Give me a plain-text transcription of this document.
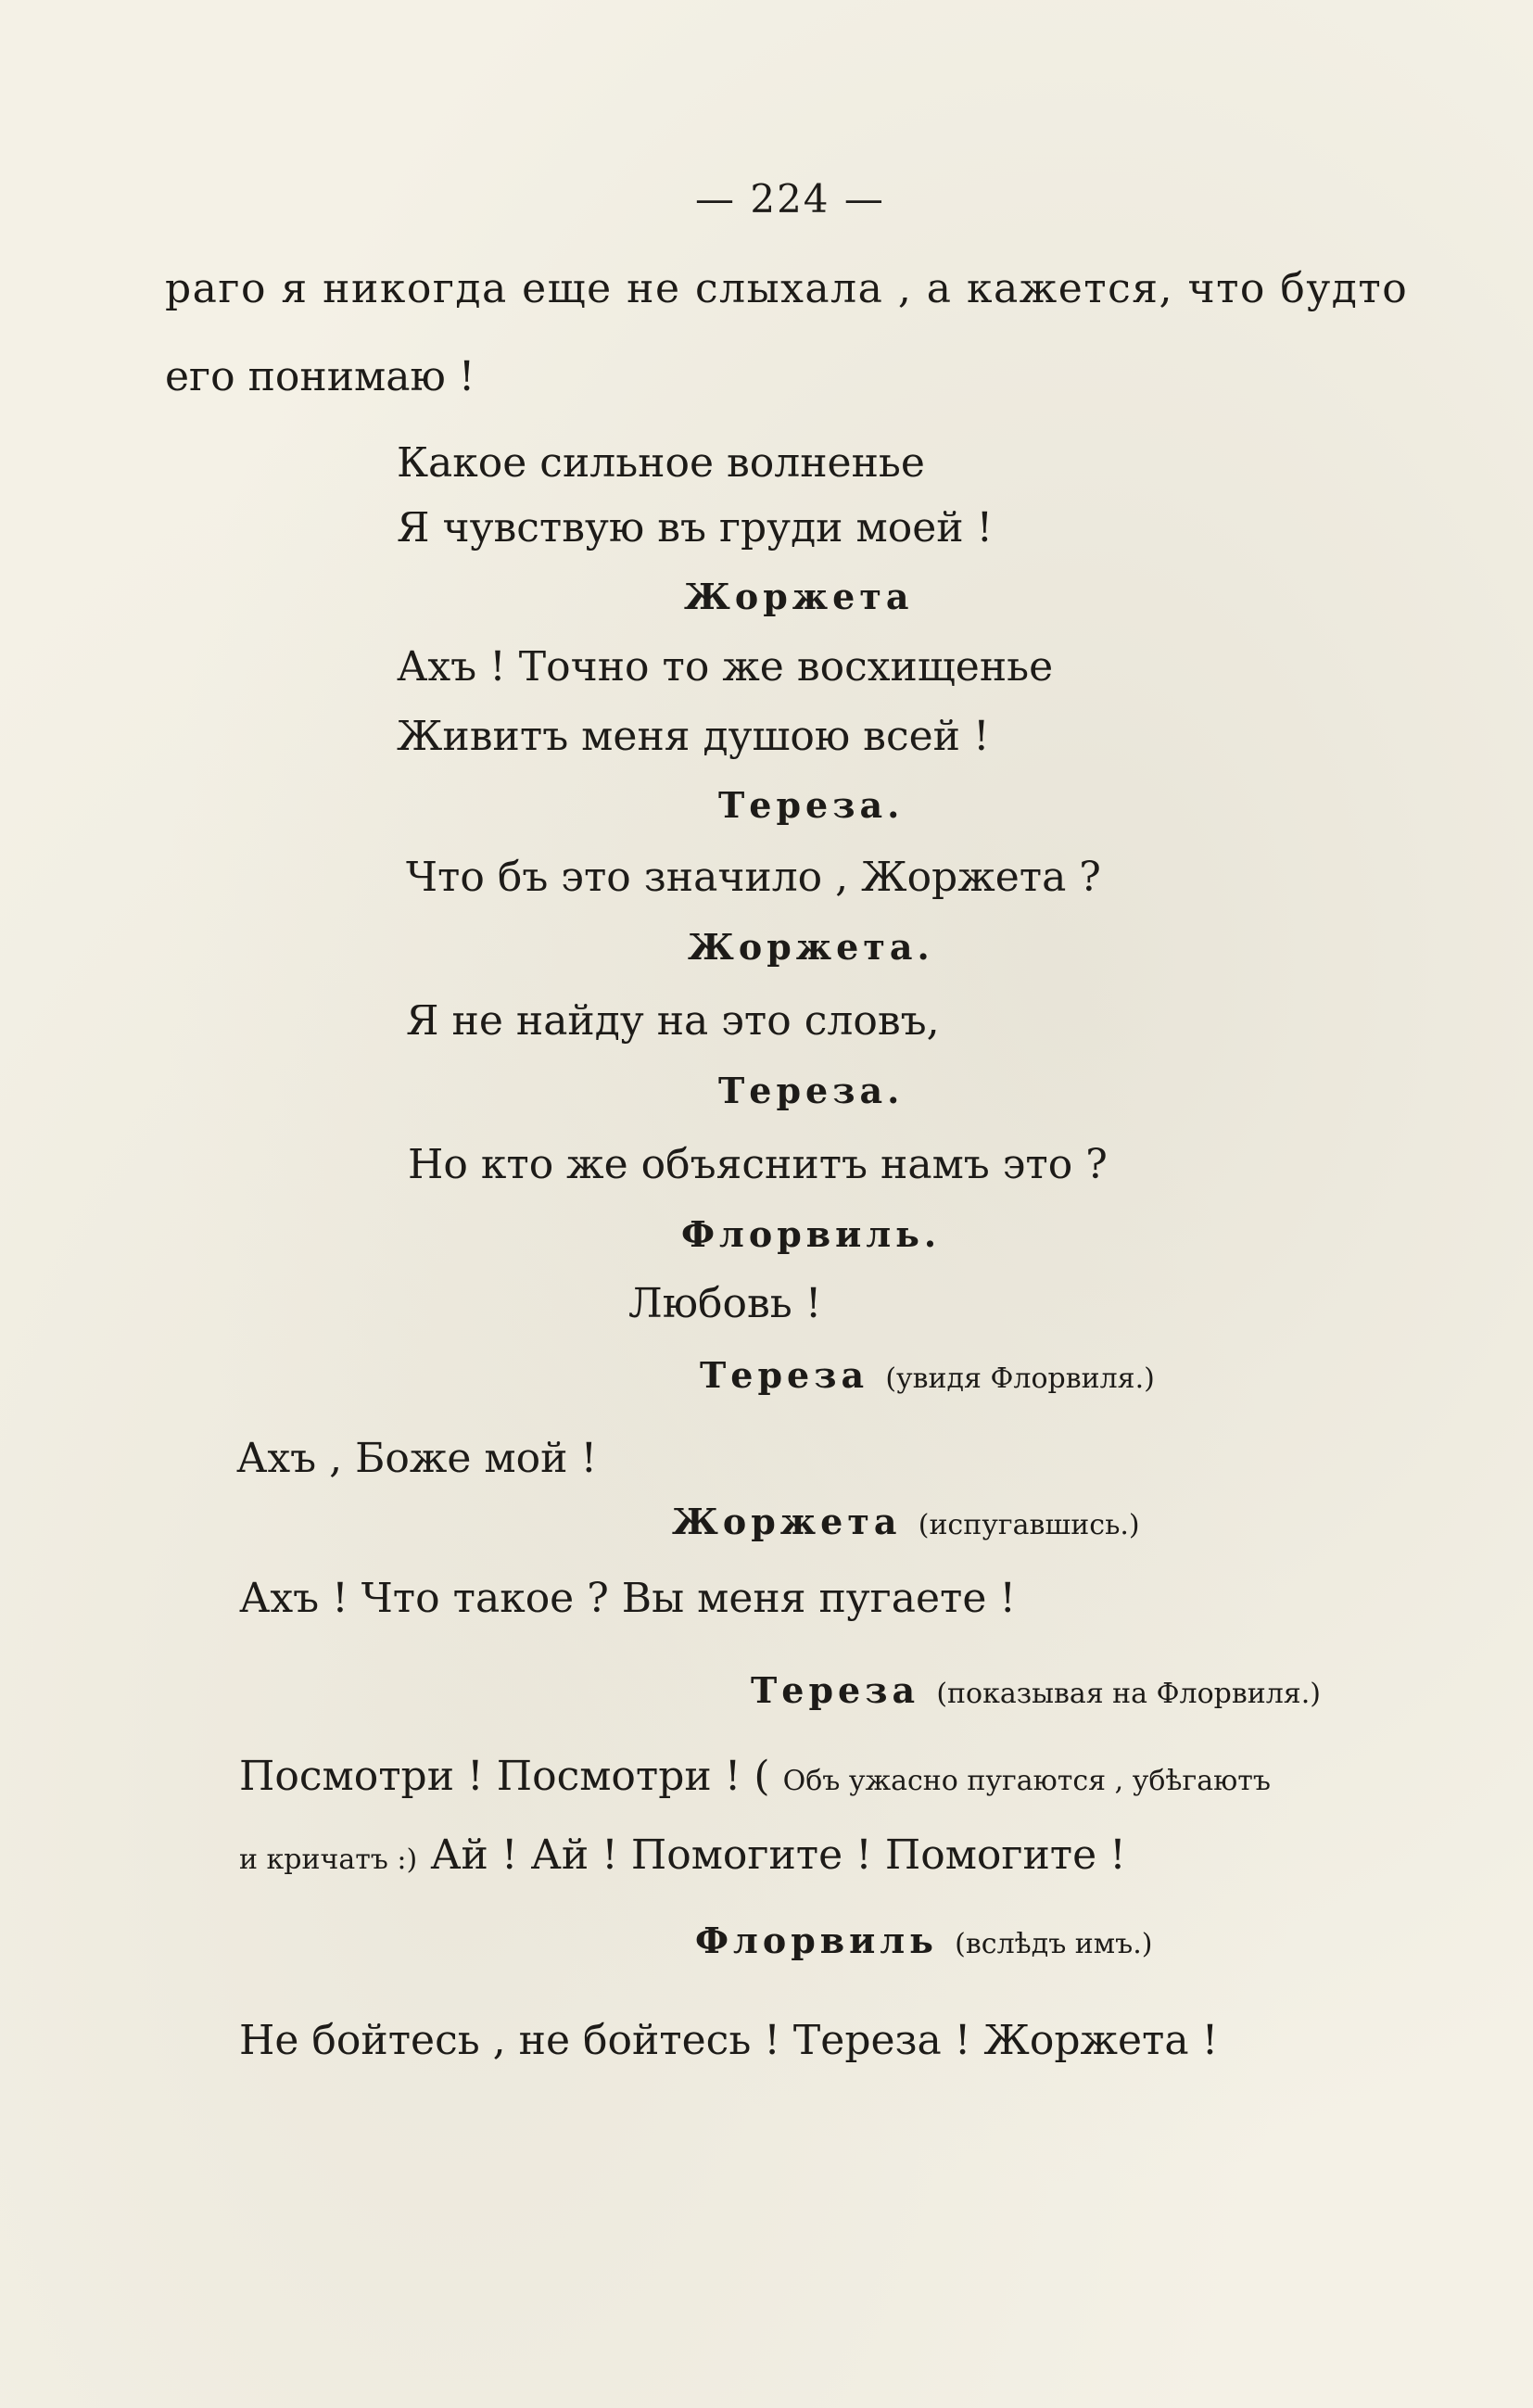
— 224 —
раго я никогда еще не слыхала , а кажется, что будто
его понимаю !
Какое сильное волненье
Я чувствую въ груди моей !
Жоржета
Ахъ ! Точно то же восхищенье
Живитъ меня душою всей !
Тереза.
Что бъ это значило , Жоржета ?
Жоржета.
Я не найду на это словъ,
Тереза.
Но кто же объяснитъ намъ это ?
Флорвиль.
Любовь !
Тереза (увидя Флорвиля.)
Ахъ , Боже мой !
Жоржета (испугавшись.)
Ахъ ! Что такое ? Вы меня пугаете !
Тереза (показывая на Флорвиля.)
Посмотри ! Посмотри ! ( Объ ужасно пугаются , убѣгаютъ
и кричатъ :) Ай ! Ай ! Помогите ! Помогите !
Флорвиль (вслѣдъ имъ.)
Не бойтесь , не бойтесь ! Тереза ! Жоржета !
